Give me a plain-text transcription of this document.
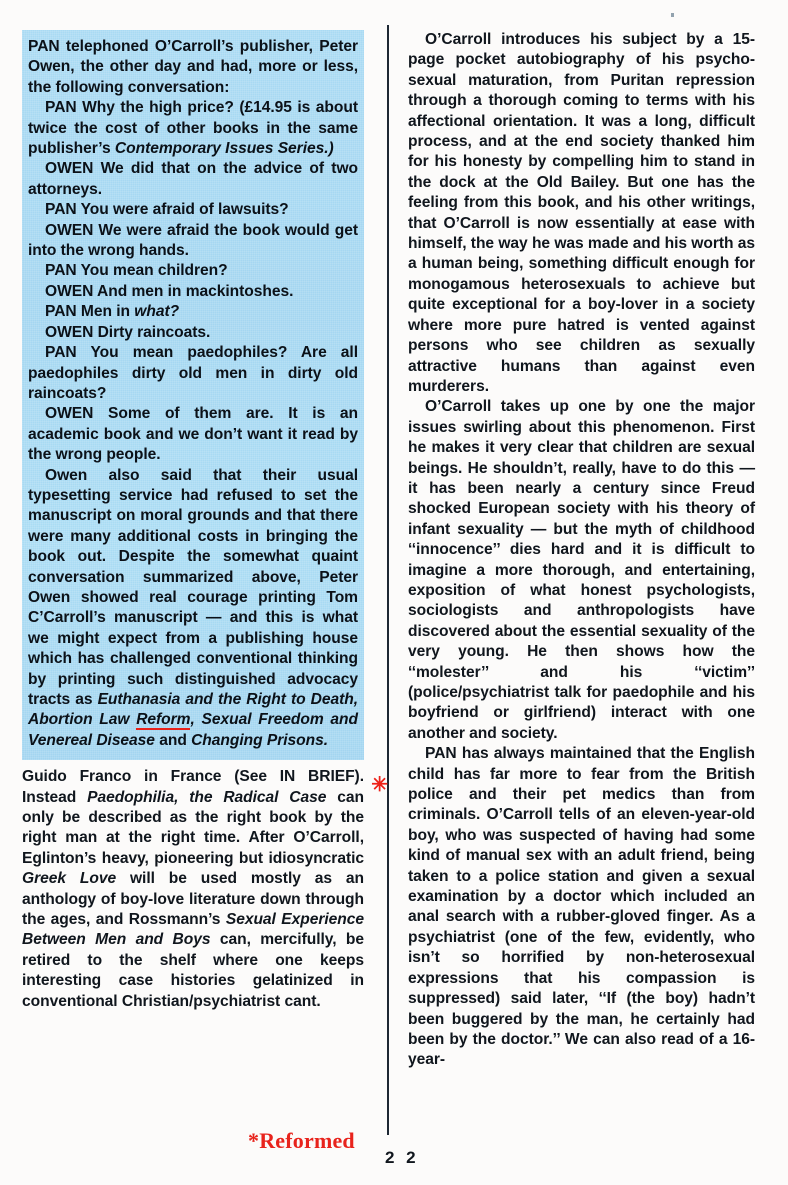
PAN telephoned O’Carroll’s publisher, Peter Owen, the other day and had, more or less, the following conversation:

PAN Why the high price? (£14.95 is about twice the cost of other books in the same publisher’s Contemporary Issues Series.)

OWEN We did that on the advice of two attorneys.

PAN You were afraid of lawsuits?

OWEN We were afraid the book would get into the wrong hands.

PAN You mean children?

OWEN And men in mackintoshes.

PAN Men in what?

OWEN Dirty raincoats.

PAN You mean paedophiles? Are all paedophiles dirty old men in dirty old raincoats?

OWEN Some of them are. It is an academic book and we don’t want it read by the wrong people.

Owen also said that their usual typesetting service had refused to set the manuscript on moral grounds and that there were many additional costs in bringing the book out. Despite the somewhat quaint conversation summarized above, Peter Owen showed real courage printing Tom C’Carroll’s manuscript — and this is what we might expect from a publishing house which has challenged conventional thinking by printing such distinguished advocacy tracts as Euthanasia and the Right to Death, Abortion Law Reform, Sexual Freedom and Venereal Disease and Changing Prisons.

Guido Franco in France (See IN BRIEF). Instead Paedophilia, the Radical Case can only be described as the right book by the right man at the right time. After O’Carroll, Eglinton’s heavy, pioneering but idiosyncratic Greek Love will be used mostly as an anthology of boy-love literature down through the ages, and Rossmann’s Sexual Experience Between Men and Boys can, mercifully, be retired to the shelf where one keeps interesting case histories gelatinized in conventional Christian/psychiatrist cant.

✳

O’Carroll introduces his subject by a 15-page pocket autobiography of his psycho-sexual maturation, from Puritan repression through a thorough coming to terms with his affectional orientation. It was a long, difficult process, and at the end society thanked him for his honesty by compelling him to stand in the dock at the Old Bailey. But one has the feeling from this book, and his other writings, that O’Carroll is now essentially at ease with himself, the way he was made and his worth as a human being, something difficult enough for monogamous heterosexuals to achieve but quite exceptional for a boy-lover in a society where more pure hatred is vented against persons who see children as sexually attractive humans than against even murderers.

O’Carroll takes up one by one the major issues swirling about this phenomenon. First he makes it very clear that children are sexual beings. He shouldn’t, really, have to do this — it has been nearly a century since Freud shocked European society with his theory of infant sexuality — but the myth of childhood ‘‘innocence’’ dies hard and it is difficult to imagine a more thorough, and entertaining, exposition of what honest psychologists, sociologists and anthropologists have discovered about the essential sexuality of the very young. He then shows how the ‘‘molester’’ and his ‘‘victim’’ (police/psychiatrist talk for paedophile and his boyfriend or girlfriend) interact with one another and society.

PAN has always maintained that the English child has far more to fear from the British police and their pet medics than from criminals. O’Carroll tells of an eleven-year-old boy, who was suspected of having had some kind of manual sex with an adult friend, being taken to a police station and given a sexual examination by a doctor which included an anal search with a rubber-gloved finger. As a psychiatrist (one of the few, evidently, who isn’t so horrified by non-heterosexual expressions that his compassion is suppressed) said later, ‘‘If (the boy) hadn’t been buggered by the man, he certainly had been by the doctor.’’ We can also read of a 16-year-

*Reformed
2 2
